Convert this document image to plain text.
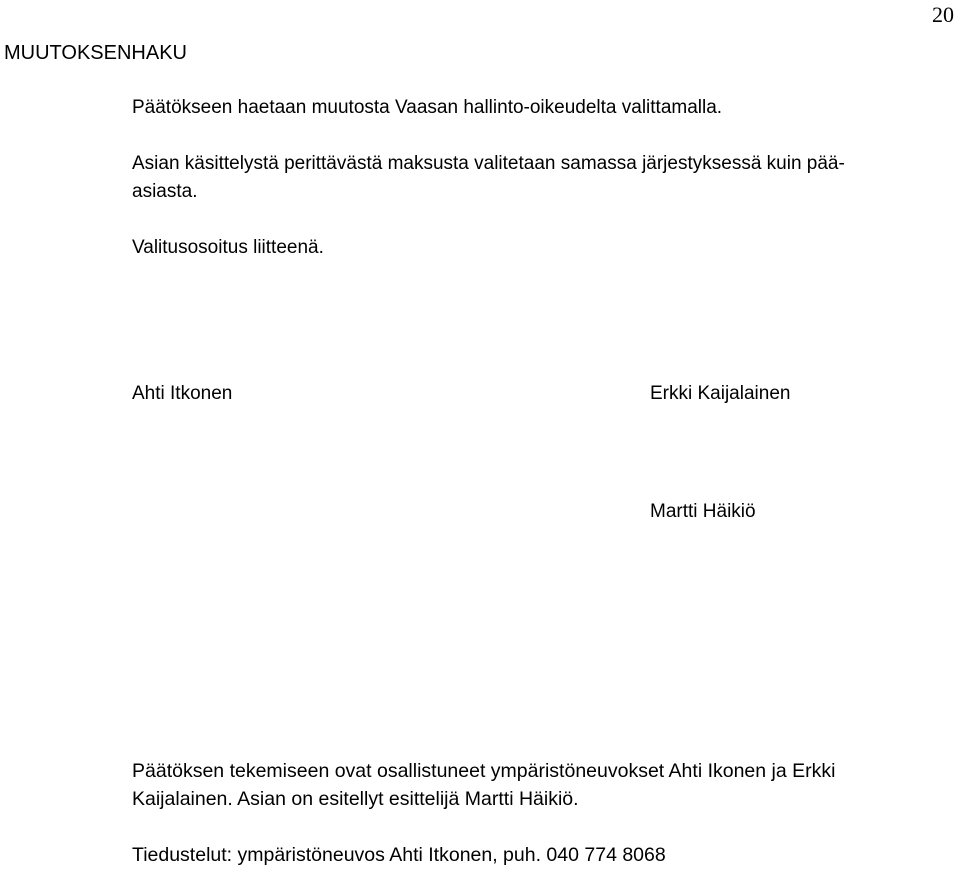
20
MUUTOKSENHAKU

Päätökseen haetaan muutosta Vaasan hallinto-oikeudelta valittamalla.

Asian käsittelystä perittävästä maksusta valitetaan samassa järjestyksessä kuin pää-
asiasta.

Valitusosoitus liitteenä.

Ahti Itkonen	Erkki Kaijalainen
Martti Häikiö

Päätöksen tekemiseen ovat osallistuneet ympäristöneuvokset Ahti Ikonen ja Erkki Kaijalainen. Asian on esitellyt esittelijä Martti Häikiö.

Tiedustelut: ympäristöneuvos Ahti Itkonen, puh. 040 774 8068
